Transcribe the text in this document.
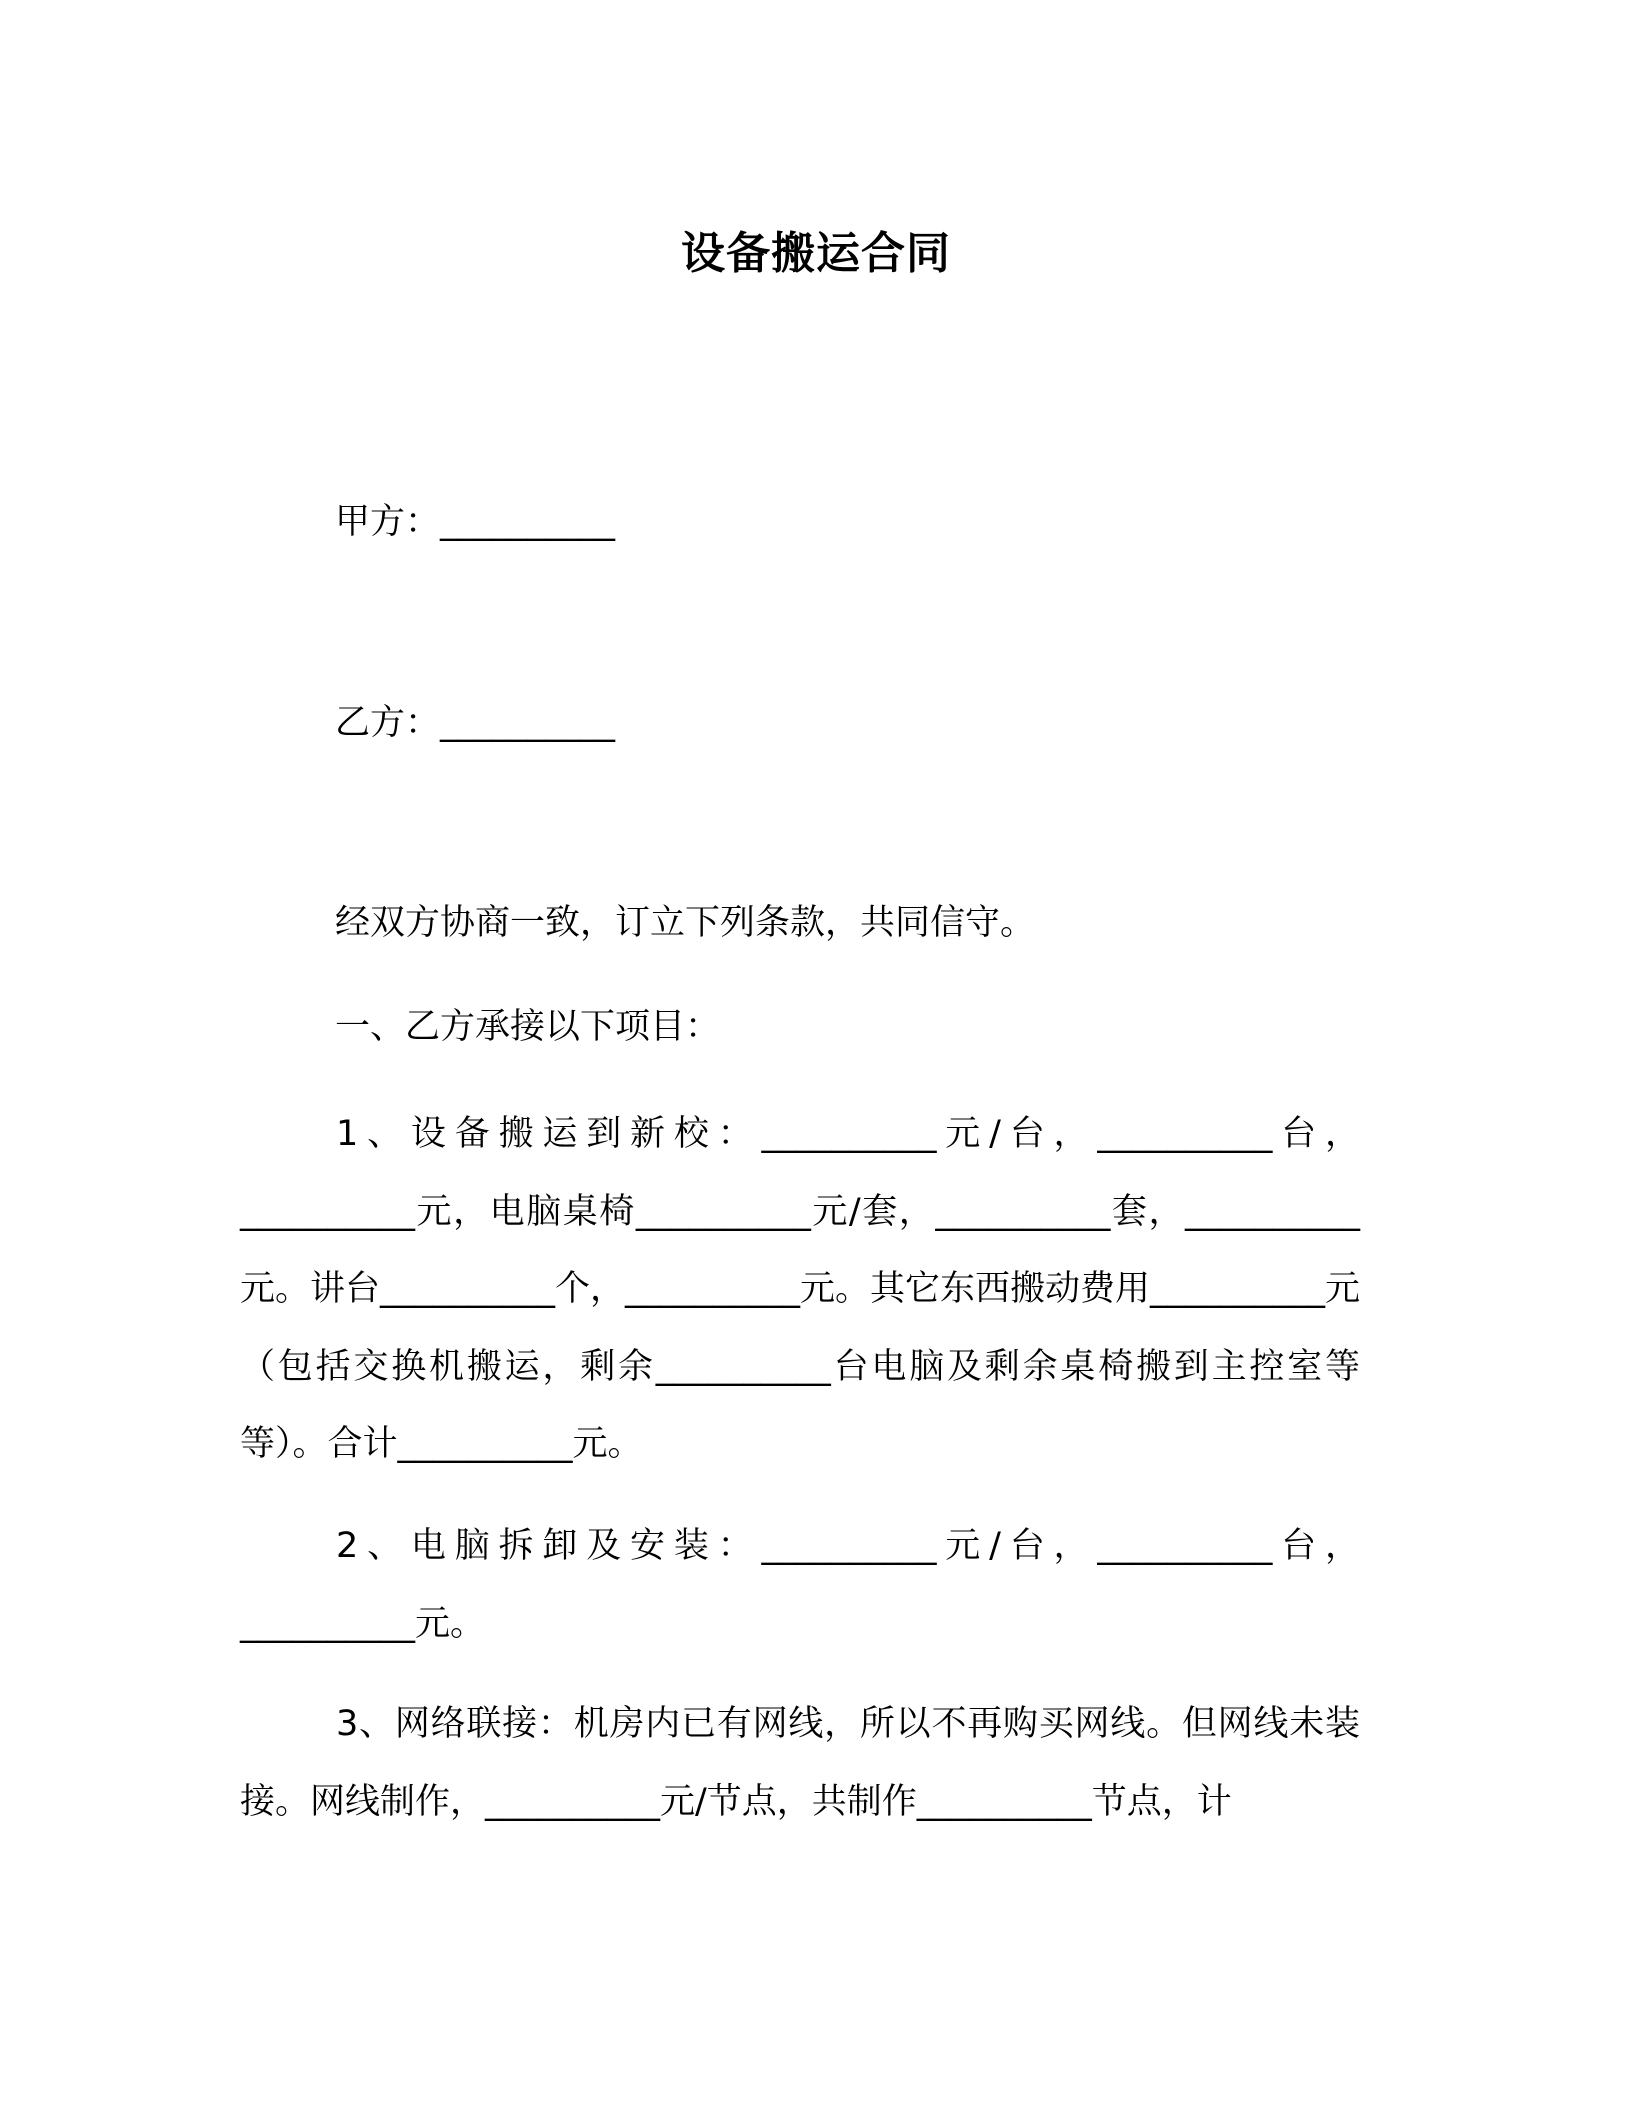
设备搬运合同
甲方：__________
乙方：__________
经双方协商一致，订立下列条款，共同信守。
一、乙方承接以下项目：
1、设备搬运到新校：__________元/台，__________台，__________元，电脑桌椅__________元/套，__________套，__________元。讲台__________个，__________元。其它东西搬动费用__________元（包括交换机搬运，剩余__________台电脑及剩余桌椅搬到主控室等等）。合计__________元。
2、电脑拆卸及安装：__________元/台，__________台，__________元。
3、网络联接：机房内已有网线，所以不再购买网线。但网线未装接。网线制作，__________元/节点，共制作__________节点，计
